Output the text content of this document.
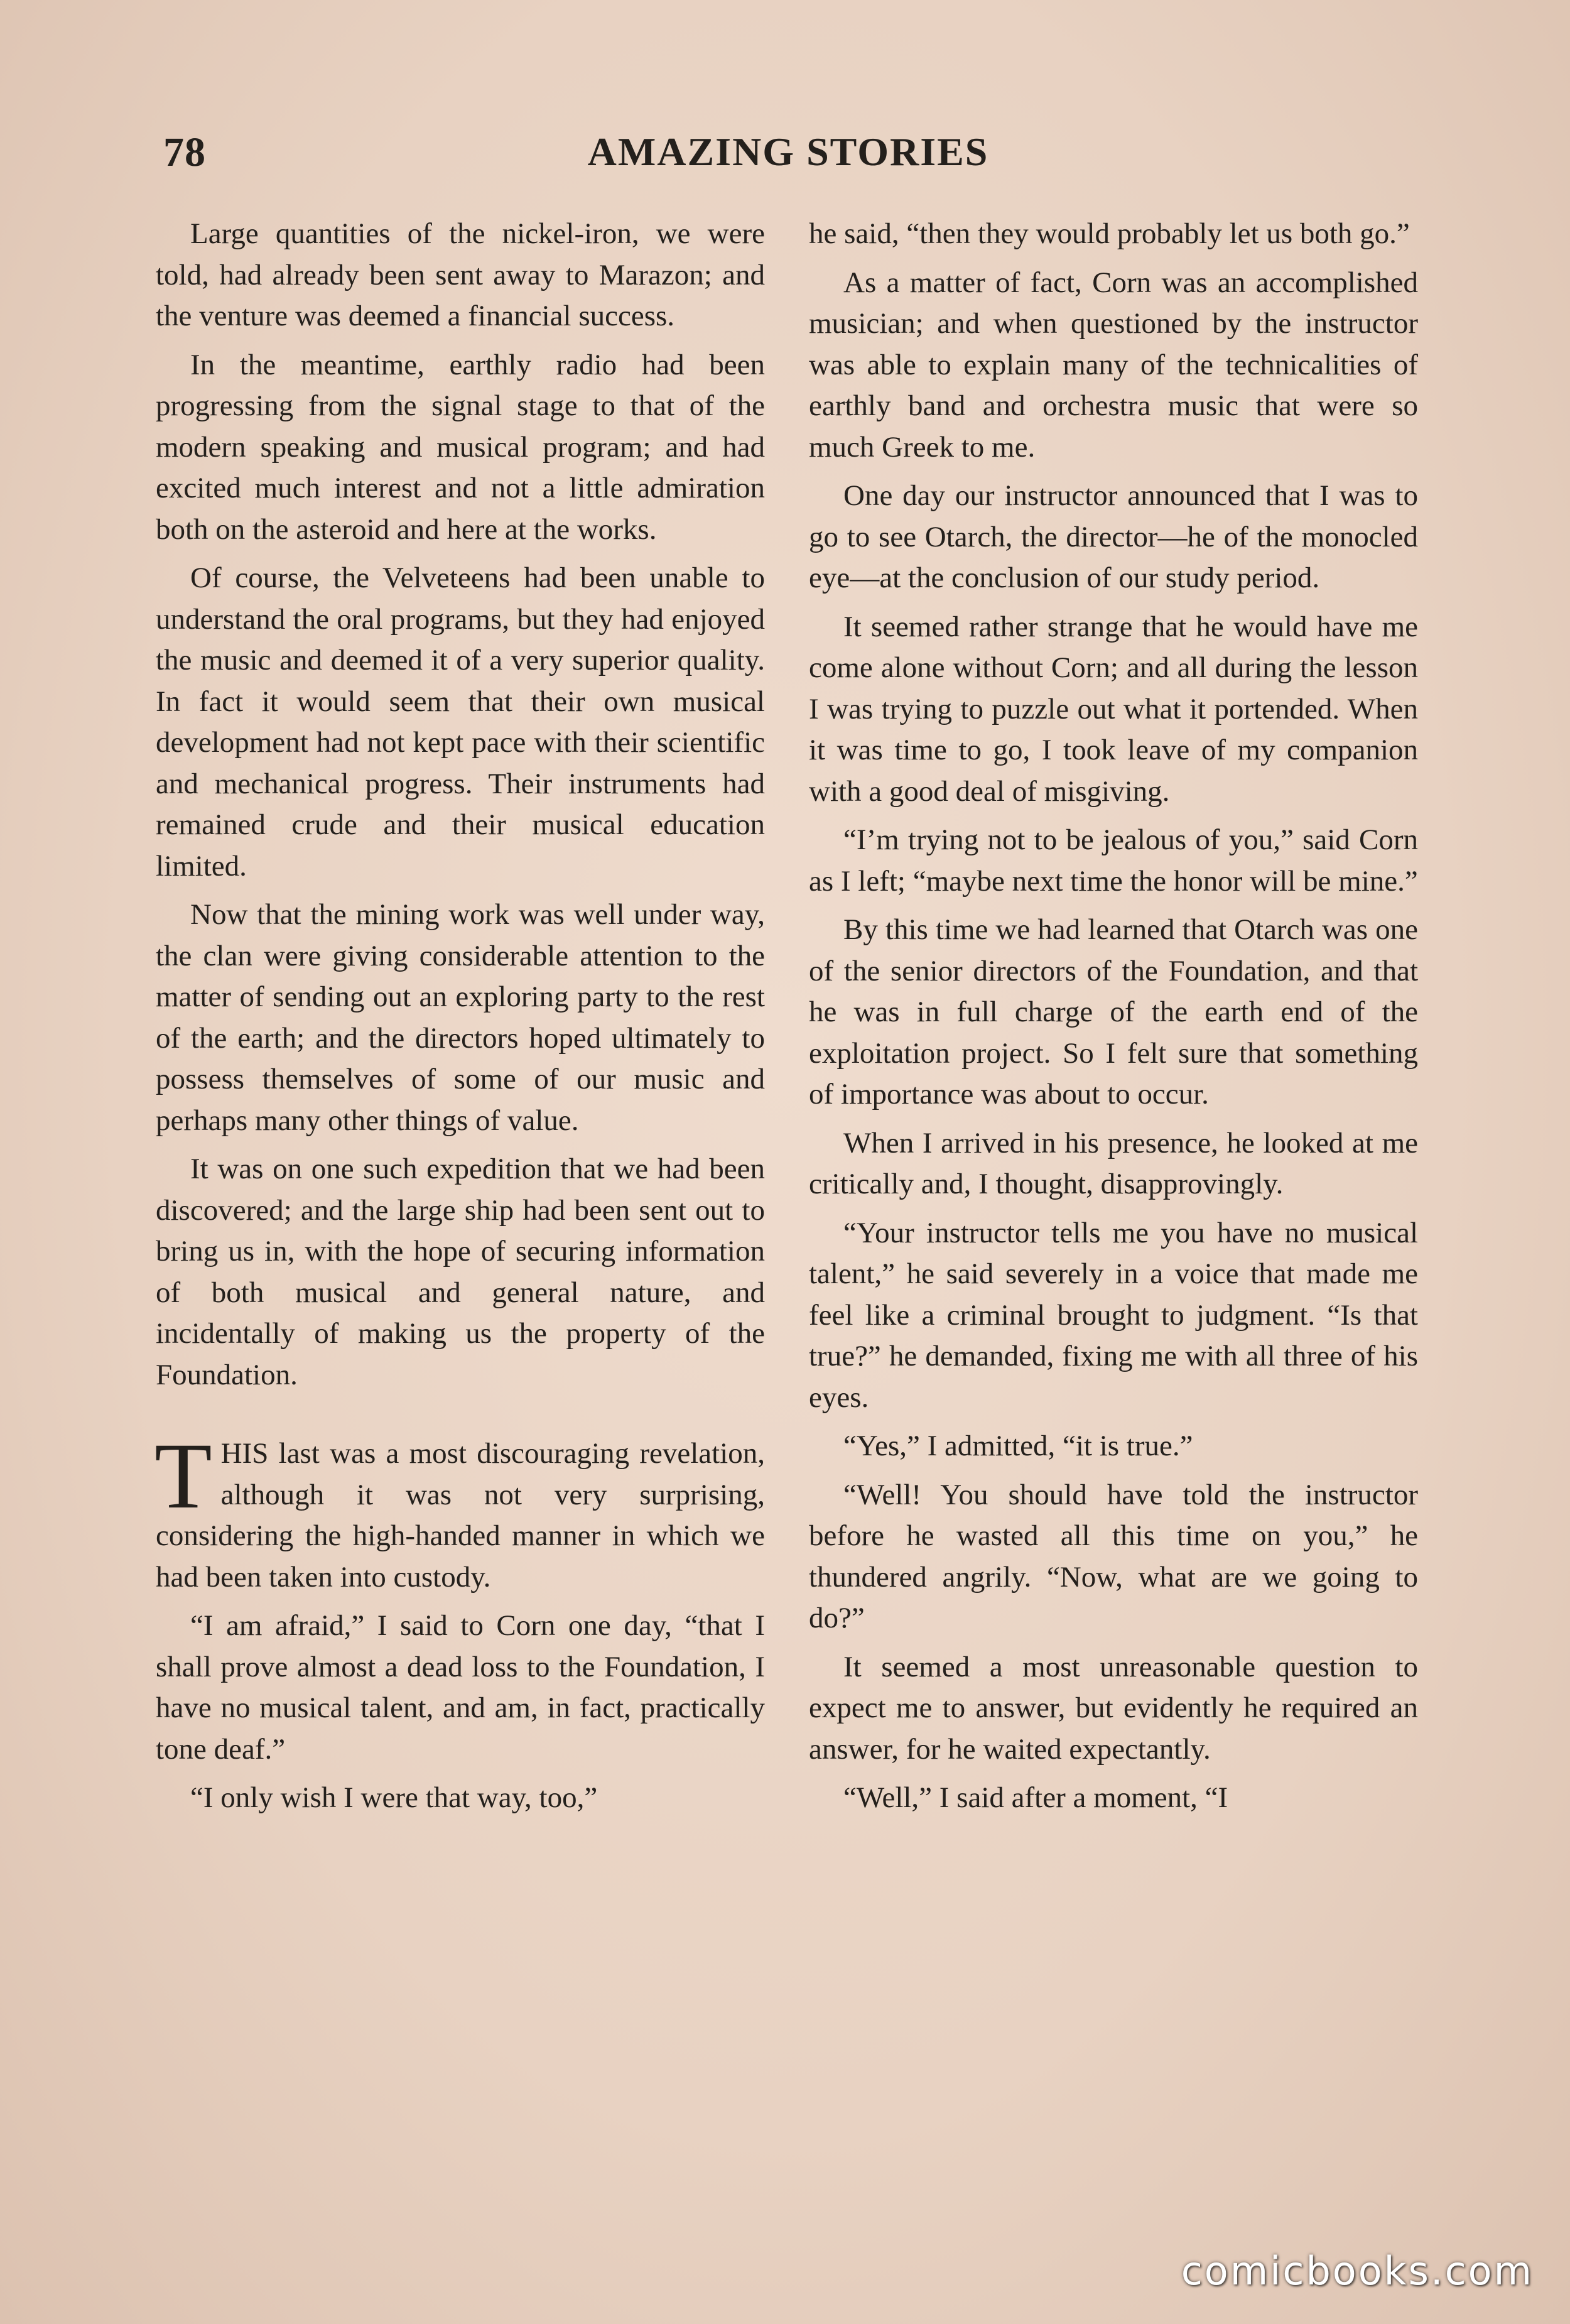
78	AMAZING STORIES

Large quantities of the nickel-iron, we were told, had already been sent away to Marazon; and the venture was deemed a financial success.

In the meantime, earthly radio had been progressing from the signal stage to that of the modern speaking and musical program; and had excited much interest and not a little admiration both on the asteroid and here at the works.

Of course, the Velveteens had been unable to understand the oral programs, but they had enjoyed the music and deemed it of a very superior quality. In fact it would seem that their own musical development had not kept pace with their scientific and mechanical progress. Their instruments had remained crude and their musical education limited.

Now that the mining work was well under way, the clan were giving considerable attention to the matter of sending out an exploring party to the rest of the earth; and the directors hoped ultimately to possess themselves of some of our music and perhaps many other things of value.

It was on one such expedition that we had been discovered; and the large ship had been sent out to bring us in, with the hope of securing information of both musical and general nature, and incidentally of making us the property of the Foundation.

THIS last was a most discouraging revelation, although it was not very surprising, considering the high-handed manner in which we had been taken into custody.

“I am afraid,” I said to Corn one day, “that I shall prove almost a dead loss to the Foundation, I have no musical talent, and am, in fact, practically tone deaf.”

“I only wish I were that way, too,”

he said, “then they would probably let us both go.”

As a matter of fact, Corn was an accomplished musician; and when questioned by the instructor was able to explain many of the technicalities of earthly band and orchestra music that were so much Greek to me.

One day our instructor announced that I was to go to see Otarch, the director—he of the monocled eye—at the conclusion of our study period.

It seemed rather strange that he would have me come alone without Corn; and all during the lesson I was trying to puzzle out what it portended. When it was time to go, I took leave of my companion with a good deal of misgiving.

“I’m trying not to be jealous of you,” said Corn as I left; “maybe next time the honor will be mine.”

By this time we had learned that Otarch was one of the senior directors of the Foundation, and that he was in full charge of the earth end of the exploitation project. So I felt sure that something of importance was about to occur.

When I arrived in his presence, he looked at me critically and, I thought, disapprovingly.

“Your instructor tells me you have no musical talent,” he said severely in a voice that made me feel like a criminal brought to judgment. “Is that true?” he demanded, fixing me with all three of his eyes.

“Yes,” I admitted, “it is true.”

“Well! You should have told the instructor before he wasted all this time on you,” he thundered angrily. “Now, what are we going to do?”

It seemed a most unreasonable question to expect me to answer, but evidently he required an answer, for he waited expectantly.

“Well,” I said after a moment, “I

comicbooks.com
